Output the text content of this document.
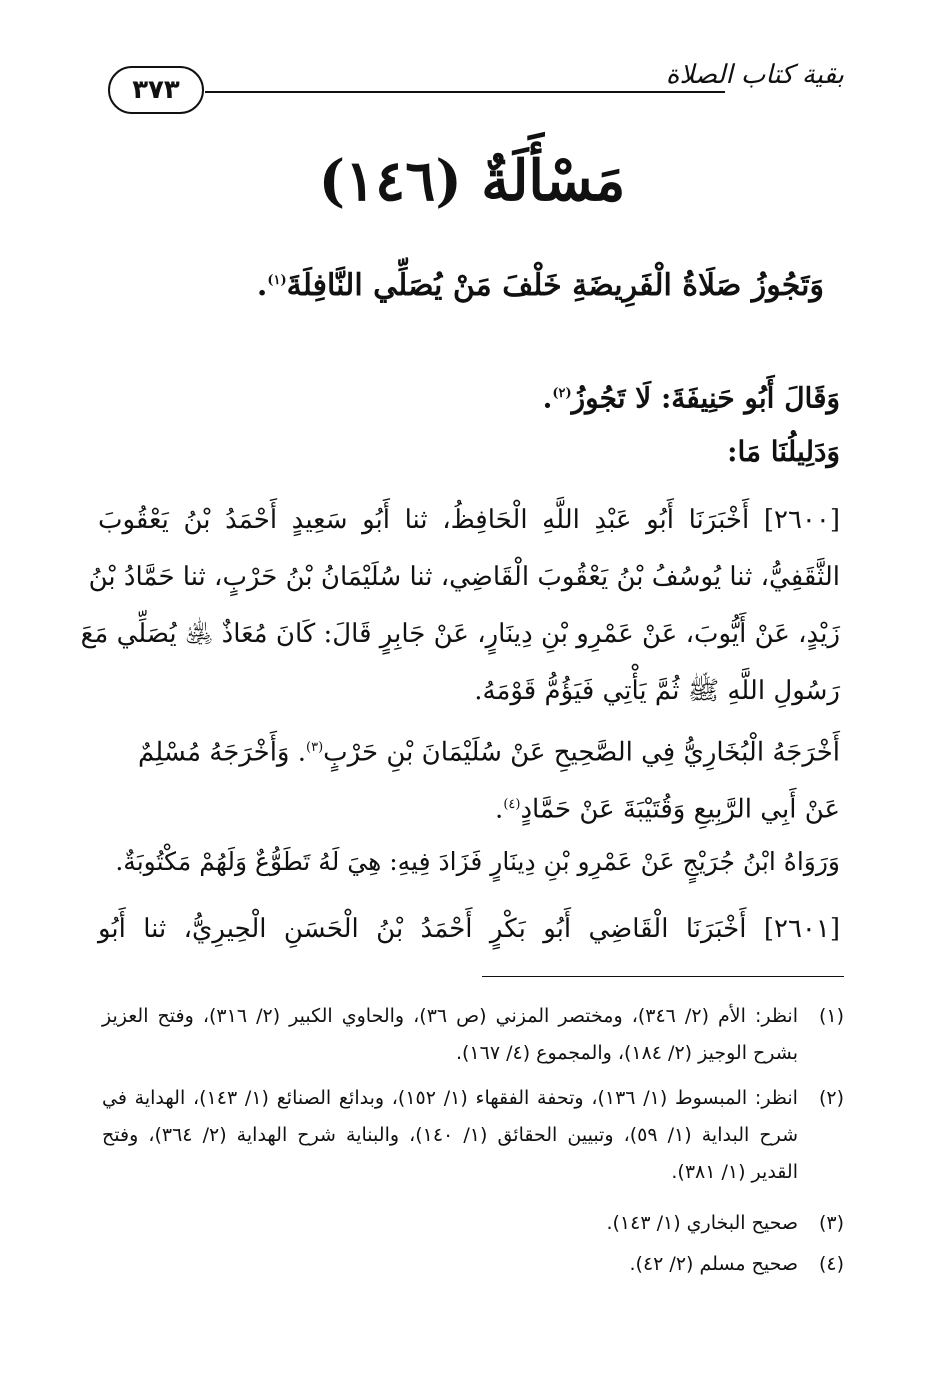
بقية كتاب الصلاة
٣٧٣
مَسْأَلَةٌ (١٤٦)
وَتَجُوزُ صَلَاةُ الْفَرِيضَةِ خَلْفَ مَنْ يُصَلِّي النَّافِلَةَ$^{(١)}$.
وَقَالَ أَبُو حَنِيفَةَ: لَا تَجُوزُ$^{(٢)}$.
وَدَلِيلُنَا مَا:
[٢٦٠٠] أَخْبَرَنَا أَبُو عَبْدِ اللَّهِ الْحَافِظُ، ثنا أَبُو سَعِيدٍ أَحْمَدُ بْنُ يَعْقُوبَ
الثَّقَفِيُّ، ثنا يُوسُفُ بْنُ يَعْقُوبَ الْقَاضِي، ثنا سُلَيْمَانُ بْنُ حَرْبٍ، ثنا حَمَّادُ بْنُ
زَيْدٍ، عَنْ أَيُّوبَ، عَنْ عَمْرِو بْنِ دِينَارٍ، عَنْ جَابِرٍ قَالَ: كَانَ مُعَاذٌ ﵁ يُصَلِّي مَعَ
رَسُولِ اللَّهِ ﷺ ثُمَّ يَأْتِي فَيَؤُمُّ قَوْمَهُ.
أَخْرَجَهُ الْبُخَارِيُّ فِي الصَّحِيحِ عَنْ سُلَيْمَانَ بْنِ حَرْبٍ$^{(٣)}$. وَأَخْرَجَهُ مُسْلِمٌ
عَنْ أَبِي الرَّبِيعِ وَقُتَيْبَةَ عَنْ حَمَّادٍ$^{(٤)}$.
وَرَوَاهُ ابْنُ جُرَيْجٍ عَنْ عَمْرِو بْنِ دِينَارٍ فَزَادَ فِيهِ: هِيَ لَهُ تَطَوُّعٌ وَلَهُمْ مَكْتُوبَةٌ.
[٢٦٠١] أَخْبَرَنَا الْقَاضِي أَبُو بَكْرٍ أَحْمَدُ بْنُ الْحَسَنِ الْحِيرِيُّ، ثنا أَبُو
(١)
انظر: الأم (٢/ ٣٤٦)، ومختصر المزني (ص ٣٦)، والحاوي الكبير (٢/ ٣١٦)، وفتح العزيز بشرح الوجيز (٢/ ١٨٤)، والمجموع (٤/ ١٦٧).
(٢)
انظر: المبسوط (١/ ١٣٦)، وتحفة الفقهاء (١/ ١٥٢)، وبدائع الصنائع (١/ ١٤٣)، الهداية في شرح البداية (١/ ٥٩)، وتبيين الحقائق (١/ ١٤٠)، والبناية شرح الهداية (٢/ ٣٦٤)، وفتح القدير (١/ ٣٨١).
(٣)
صحيح البخاري (١/ ١٤٣).
(٤)
صحيح مسلم (٢/ ٤٢).
